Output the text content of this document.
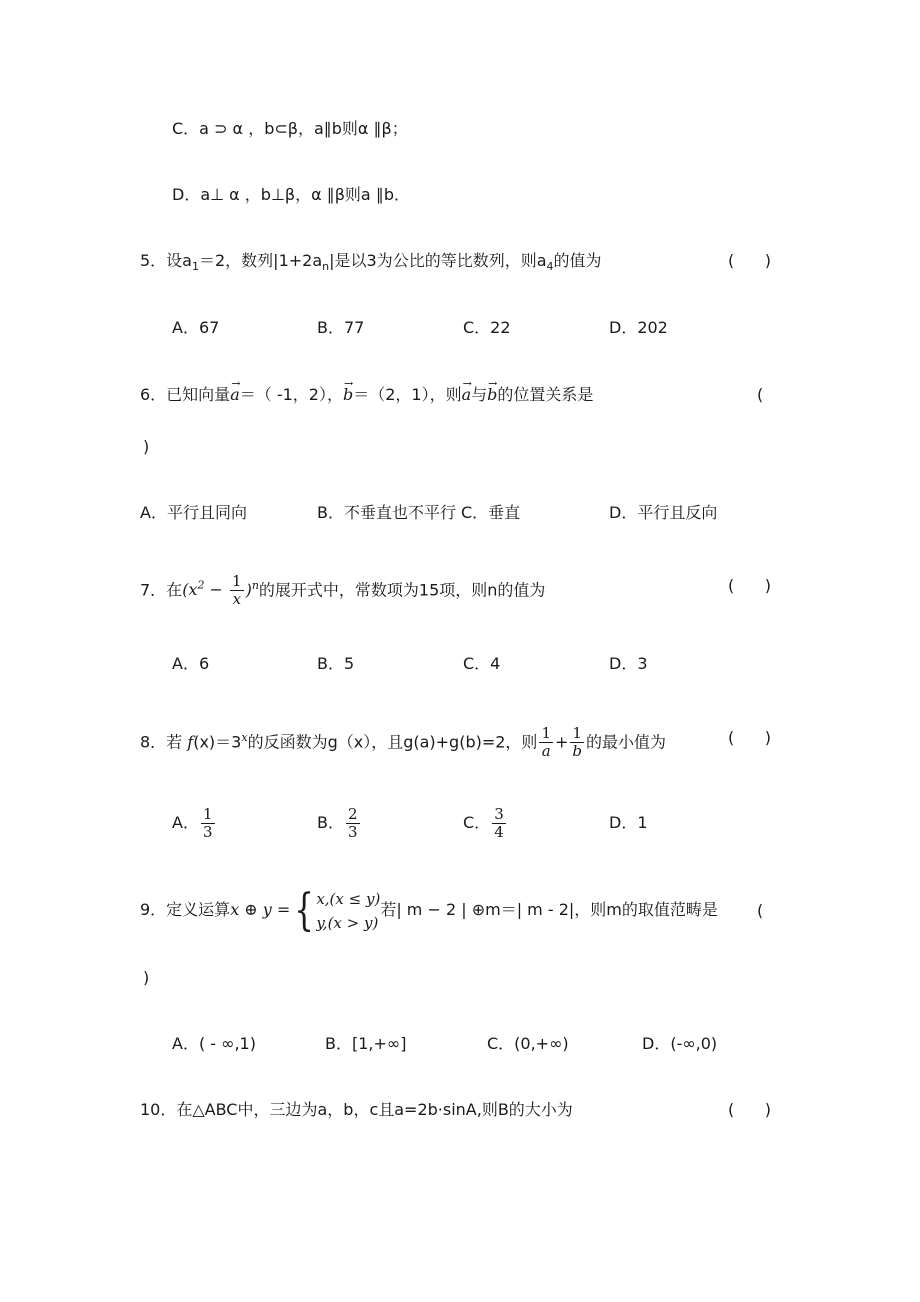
C．a ⊃ α ，b⊂β，a∥b则α ∥β；
D．a⊥ α ，b⊥β，α ∥β则a ∥b．
5．设$a_1=2$，数列$|1+2a_n|$是以3为公比的等比数列，则$a_4$的值为	(      )
A．67	B．77	C．22	D．202
6．已知向量→ a＝（ -1，2），→ b＝（2，1），则→ a与→ b的位置关系是	(
)
A．平行且同向	B．不垂直也不平行 C．垂直	D．平行且反向
7．在$(x^2 - \frac{1}{x} )^n$的展开式中，常数项为15项，则n的值为	(      )
A．6	B．5	C．4	D．3
8．若 $f(x)=3^x$的反函数为g（x），且g(a)+g(b)=2，则 $\frac{1}{a} + \frac{1}{b}$ 的最小值为	(      )
A． $\frac{1}{3}$	B． $\frac{2}{3}$	C． $\frac{3}{4}$	D．1
9．定义运算x ⊕ y ={ x,(x ≤ y)
y,(x > y)
若| m − 2 | ⊕m＝| m - 2|，则m的取值范畴是 (
)
A．( - ∞,1)	B．[1,+∞]	C．(0,+∞)	D．(-∞,0)
10．在△ABC中，三边为a，b，c且a=2b·sinA,则B的大小为	(      )
